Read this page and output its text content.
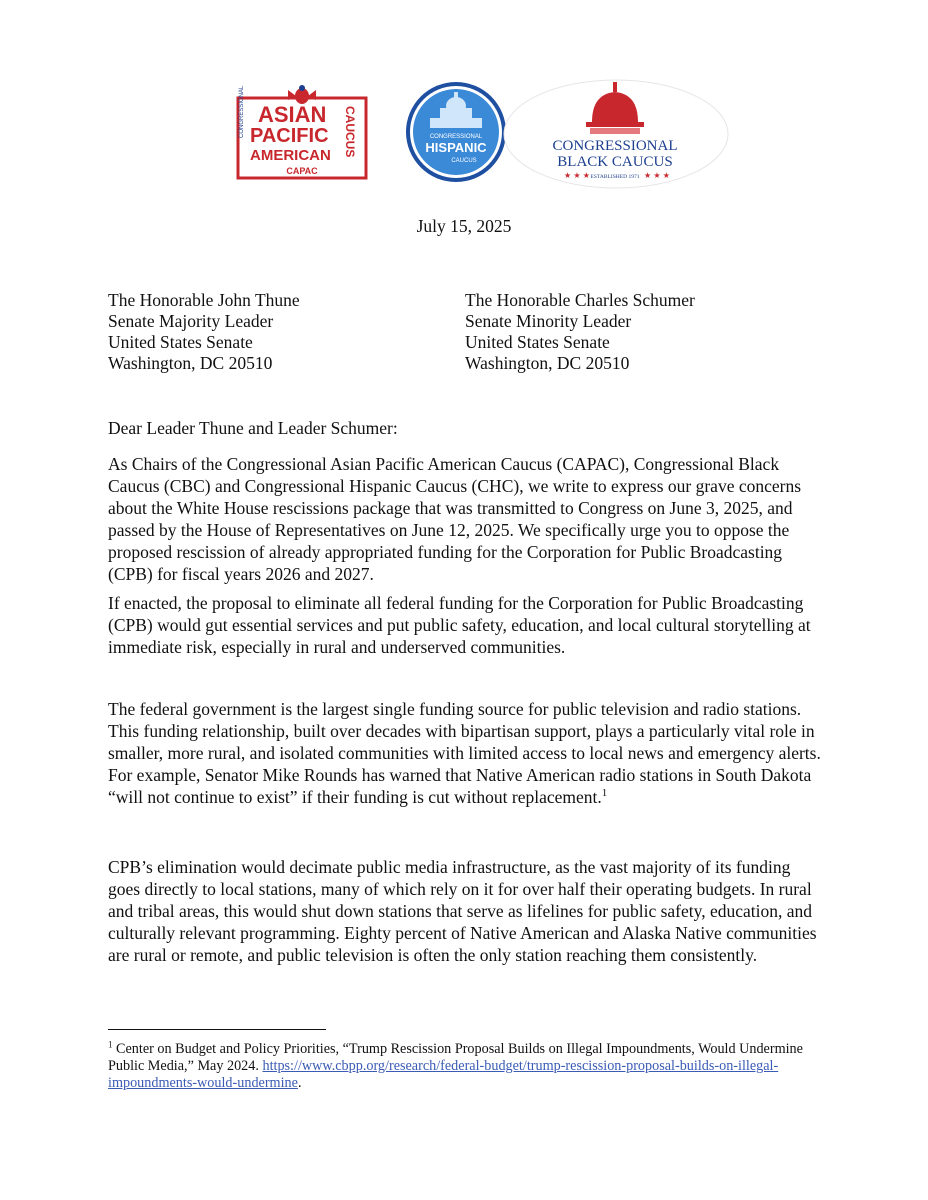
CONGRESSIONAL ASIAN
PACIFIC
AMERICAN CAUCUS
CAPAC
CONGRESSIONAL
HISPANIC
CAUCUS
CONGRESSIONAL
BLACK CAUCUS
★ ★ ★ ESTABLISHED 1971 ★ ★ ★
July 15, 2025
The Honorable John Thune
Senate Majority Leader
United States Senate
Washington, DC 20510
The Honorable Charles Schumer
Senate Minority Leader
United States Senate
Washington, DC 20510
Dear Leader Thune and Leader Schumer:

As Chairs of the Congressional Asian Pacific American Caucus (CAPAC), Congressional Black Caucus (CBC) and Congressional Hispanic Caucus (CHC), we write to express our grave concerns about the White House rescissions package that was transmitted to Congress on June 3, 2025, and passed by the House of Representatives on June 12, 2025. We specifically urge you to oppose the proposed rescission of already appropriated funding for the Corporation for Public Broadcasting (CPB) for fiscal years 2026 and 2027.

If enacted, the proposal to eliminate all federal funding for the Corporation for Public Broadcasting (CPB) would gut essential services and put public safety, education, and local cultural storytelling at immediate risk, especially in rural and underserved communities.

The federal government is the largest single funding source for public television and radio stations. This funding relationship, built over decades with bipartisan support, plays a particularly vital role in smaller, more rural, and isolated communities with limited access to local news and emergency alerts. For example, Senator Mike Rounds has warned that Native American radio stations in South Dakota “will not continue to exist” if their funding is cut without replacement.$^1$

CPB’s elimination would decimate public media infrastructure, as the vast majority of its funding goes directly to local stations, many of which rely on it for over half their operating budgets. In rural and tribal areas, this would shut down stations that serve as lifelines for public safety, education, and culturally relevant programming. Eighty percent of Native American and Alaska Native communities are rural or remote, and public television is often the only station reaching them consistently.

$^1$ Center on Budget and Policy Priorities, “Trump Rescission Proposal Builds on Illegal Impoundments, Would Undermine Public Media,” May 2024. https://www.cbpp.org/research/federal-budget/trump-rescission-proposal-builds-on-illegal-impoundments-would-undermine.
